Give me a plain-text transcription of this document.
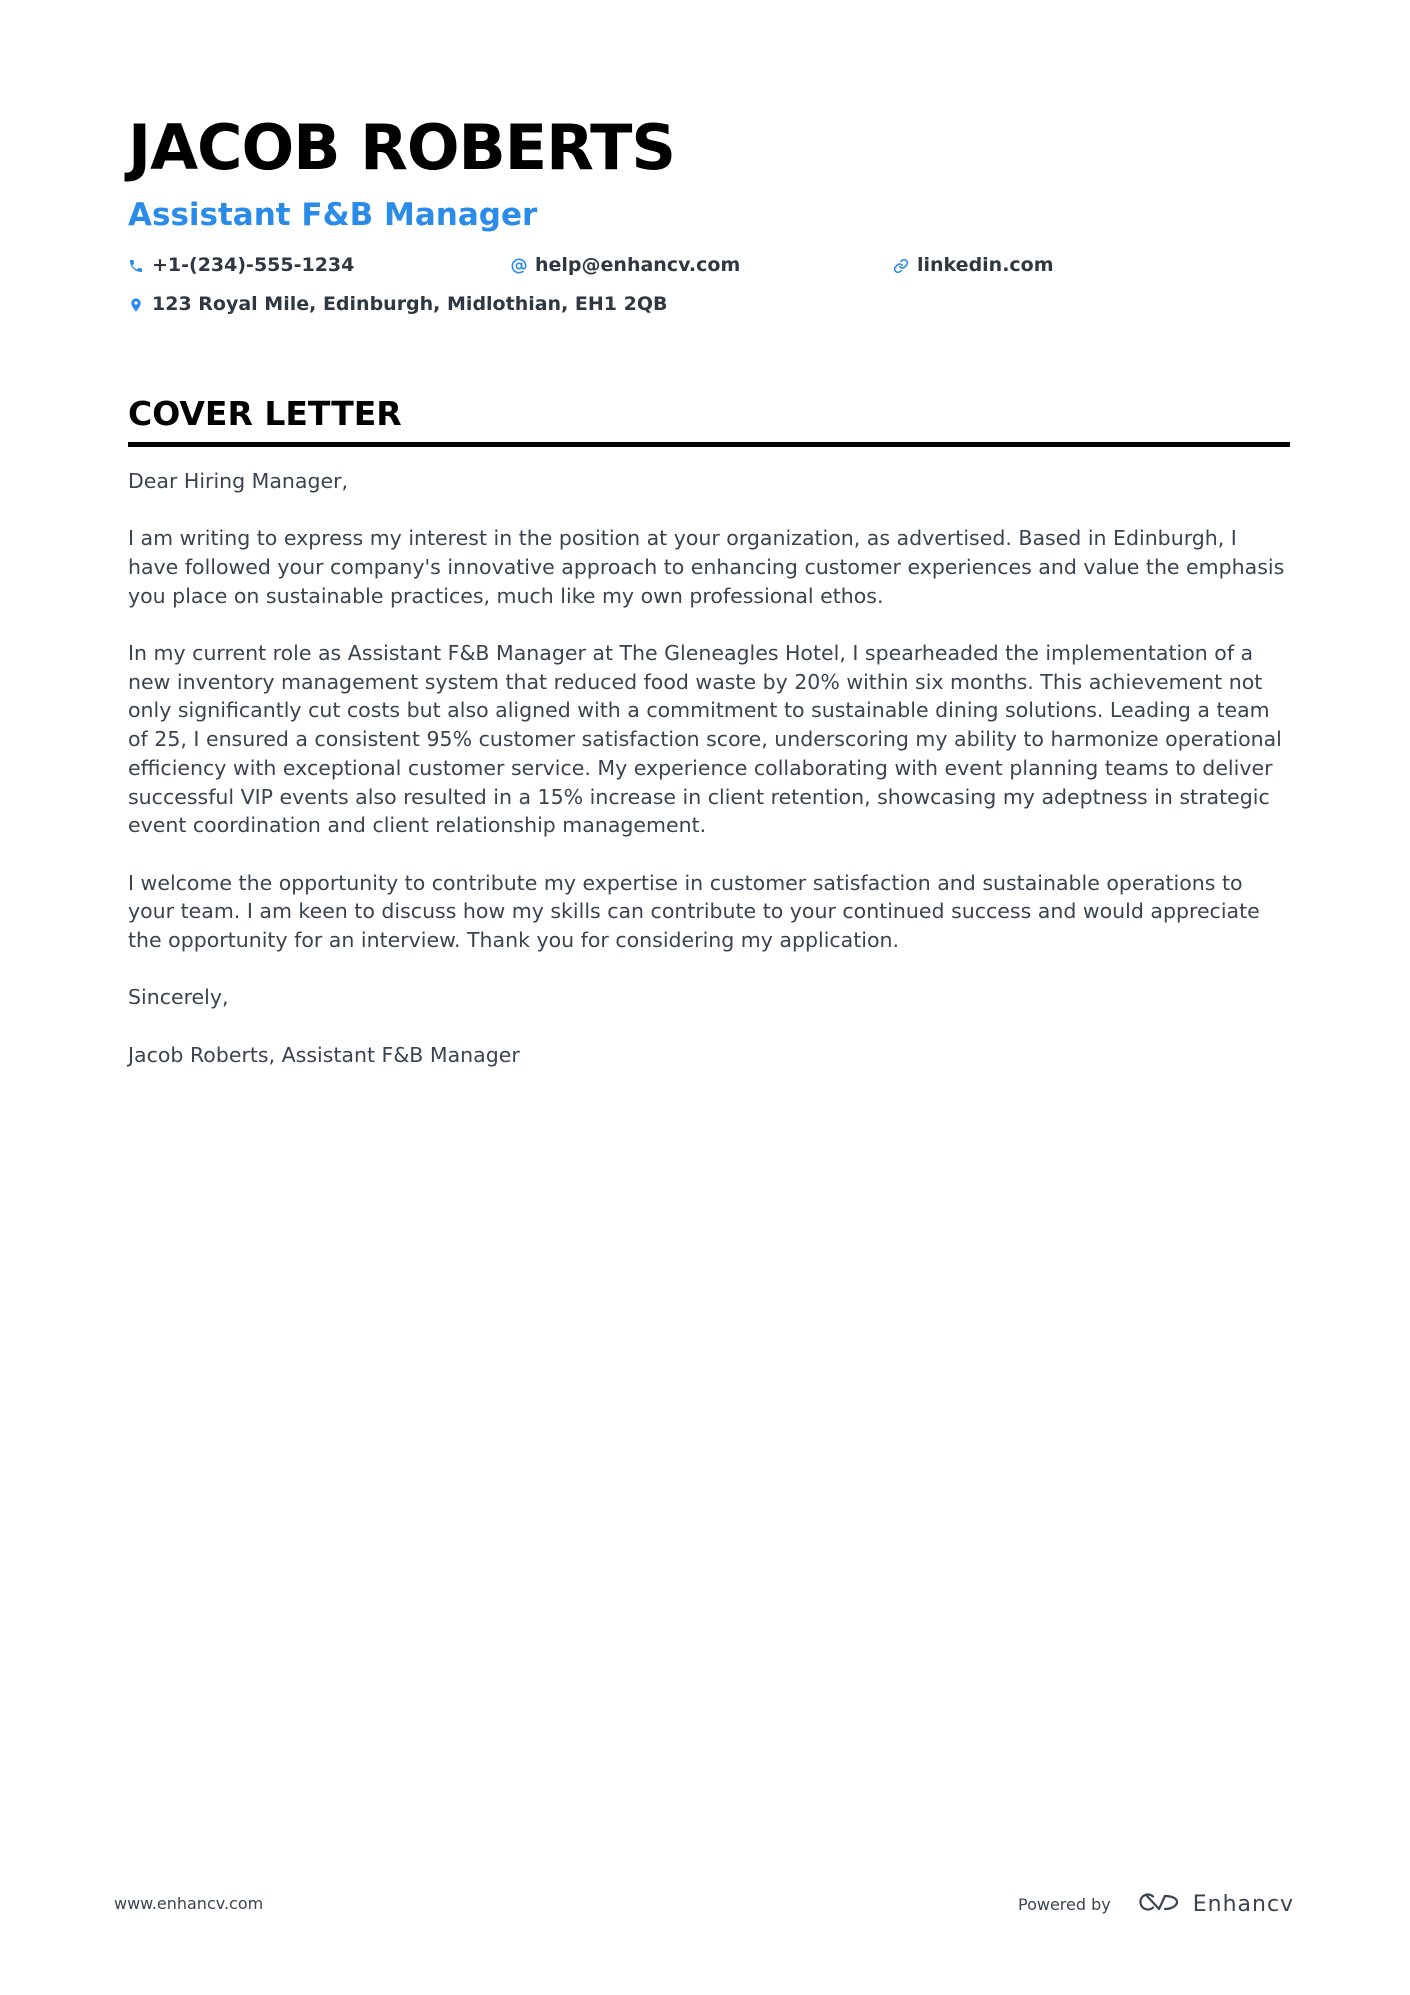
JACOB ROBERTS
Assistant F&B Manager
+1-(234)-555-1234	help@enhancv.com	linkedin.com
123 Royal Mile, Edinburgh, Midlothian, EH1 2QB
COVER LETTER

Dear Hiring Manager,

I am writing to express my interest in the position at your organization, as advertised. Based in Edinburgh, I have followed your company's innovative approach to enhancing customer experiences and value the emphasis you place on sustainable practices, much like my own professional ethos.

In my current role as Assistant F&B Manager at The Gleneagles Hotel, I spearheaded the implementation of a new inventory management system that reduced food waste by 20% within six months. This achievement not only significantly cut costs but also aligned with a commitment to sustainable dining solutions. Leading a team of 25, I ensured a consistent 95% customer satisfaction score, underscoring my ability to harmonize operational efficiency with exceptional customer service. My experience collaborating with event planning teams to deliver successful VIP events also resulted in a 15% increase in client retention, showcasing my adeptness in strategic event coordination and client relationship management.

I welcome the opportunity to contribute my expertise in customer satisfaction and sustainable operations to your team. I am keen to discuss how my skills can contribute to your continued success and would appreciate the opportunity for an interview. Thank you for considering my application.

Sincerely,

Jacob Roberts, Assistant F&B Manager

www.enhancv.com	Powered by	Enhancv
